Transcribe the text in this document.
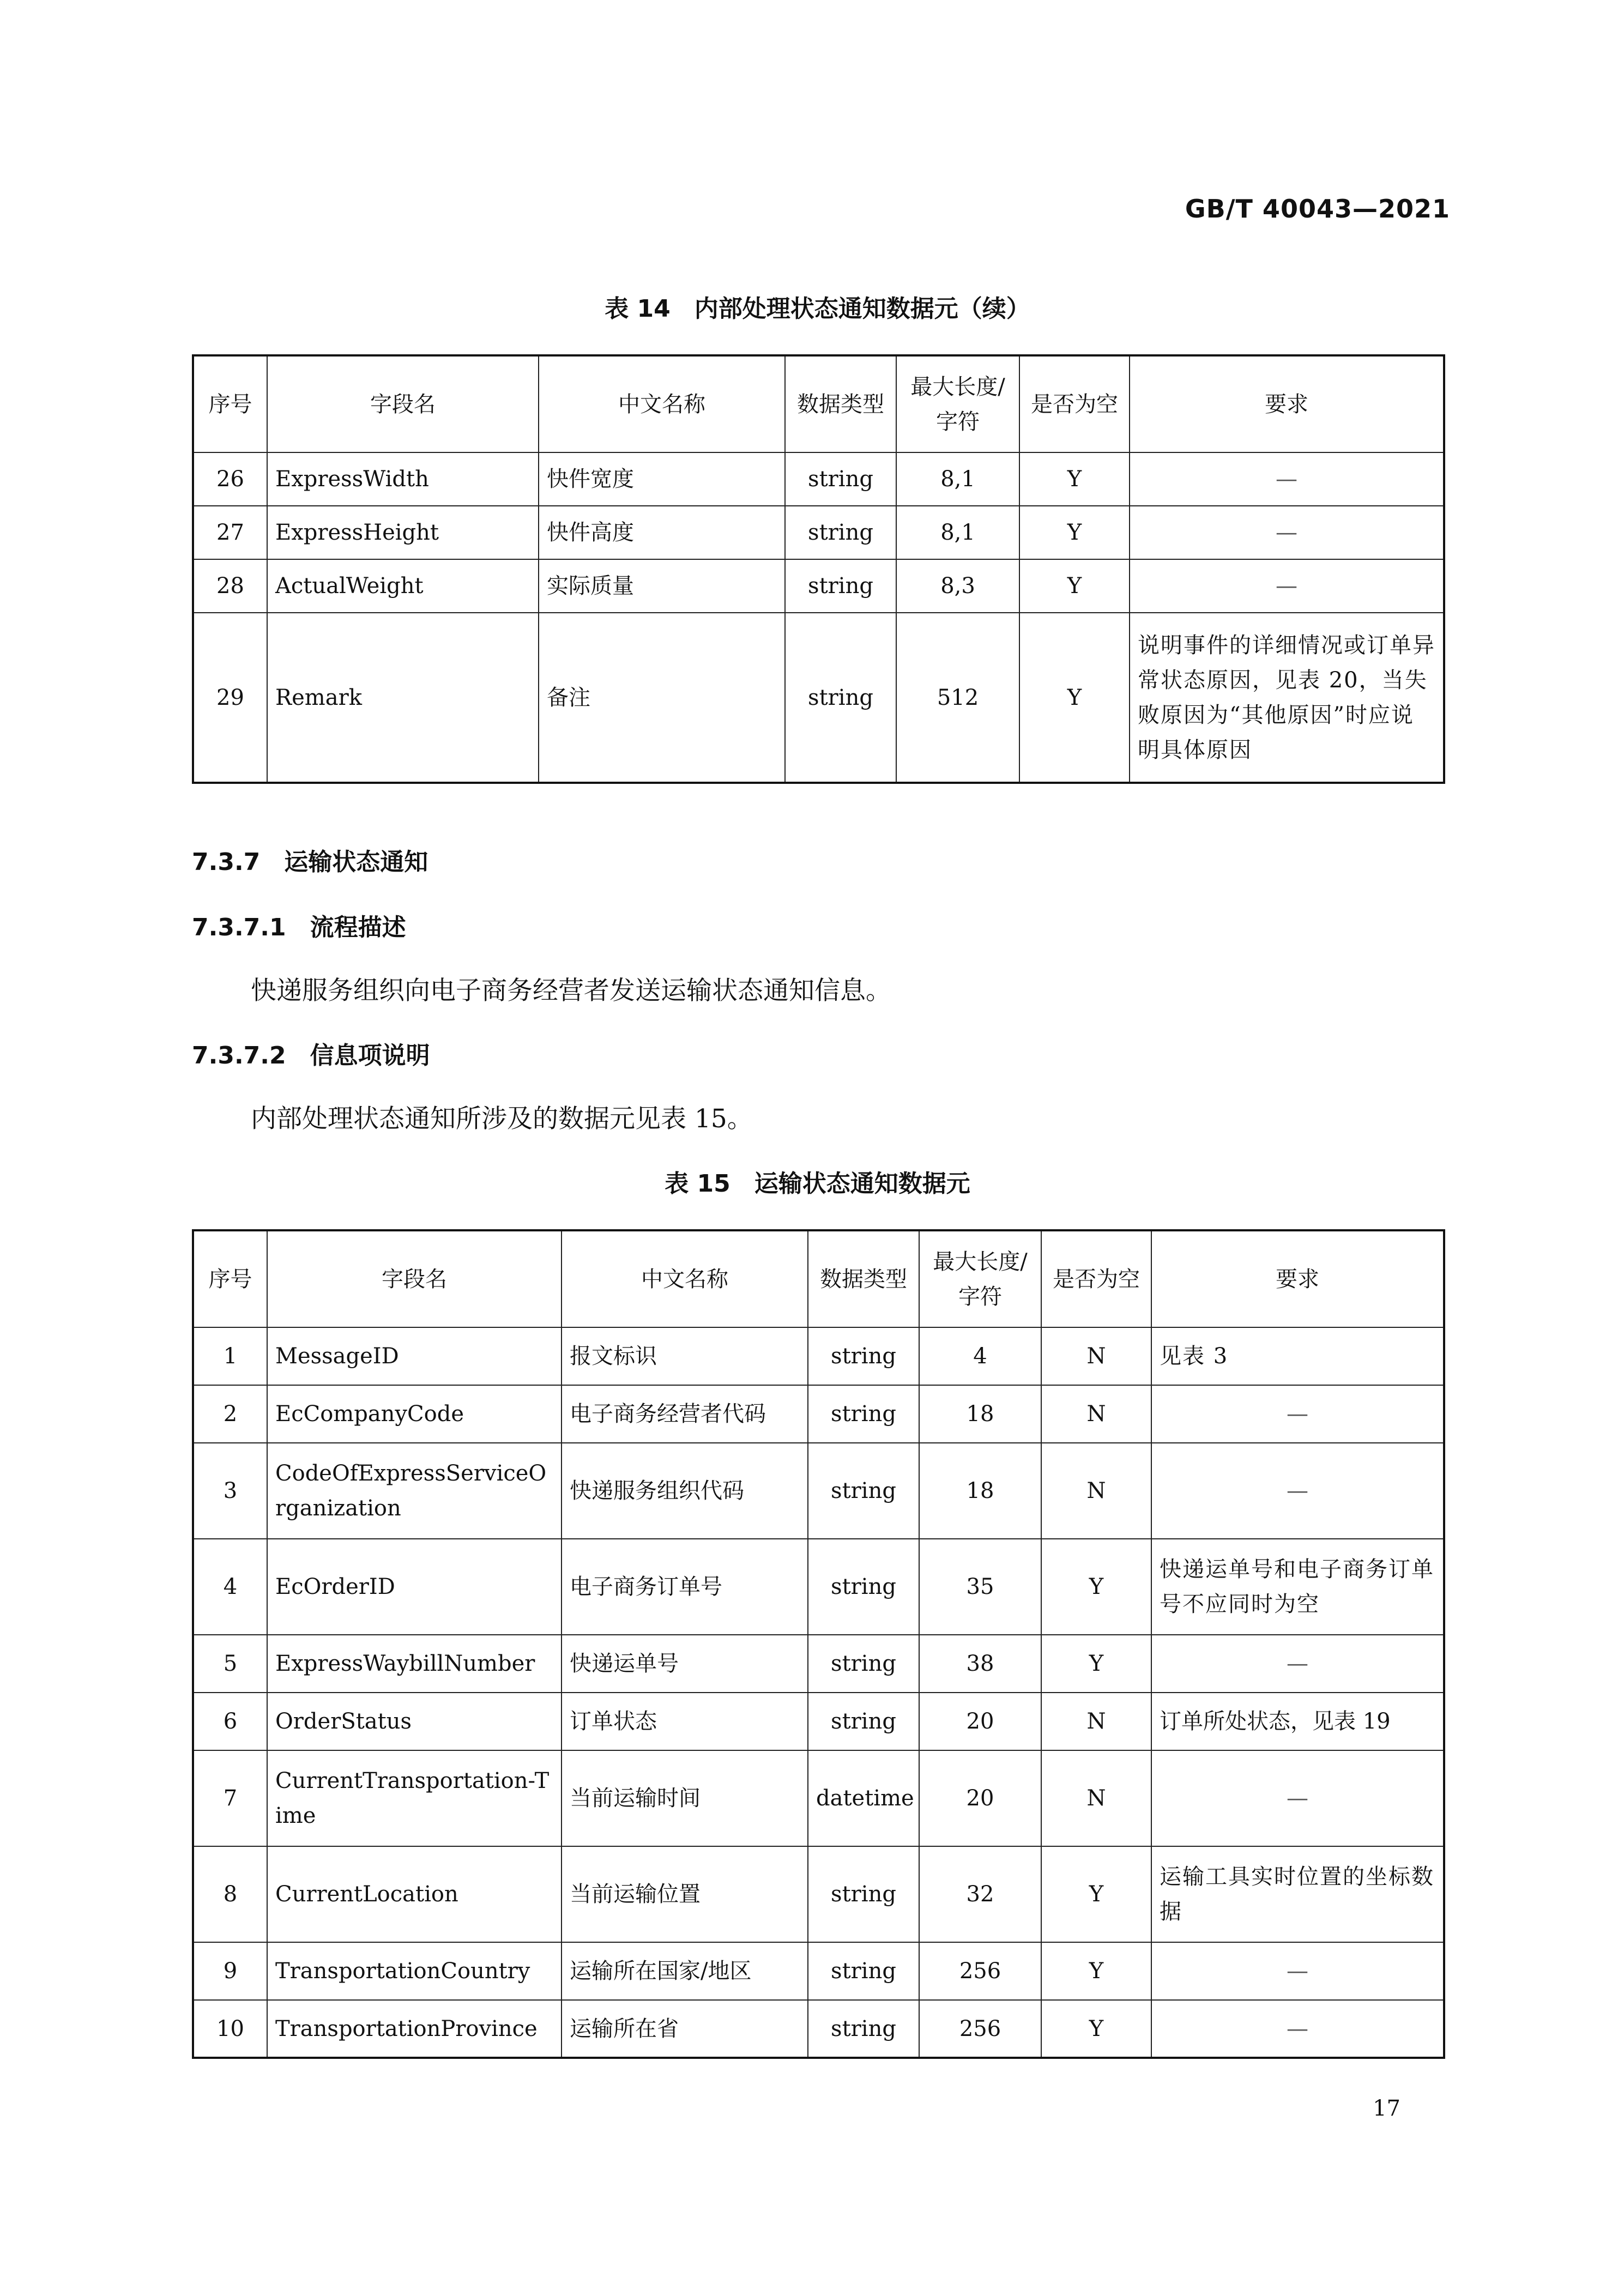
GB/T 40043—2021
表 14　内部处理状态通知数据元（续）
序号	字段名	中文名称	数据类型	最大长度/字符	是否为空	要求
26	ExpressWidth	快件宽度	string	8,1	Y	—
27	ExpressHeight	快件高度	string	8,1	Y	—
28	ActualWeight	实际质量	string	8,3	Y	—
29	Remark	备注	string	512	Y	说明事件的详细情况或订单异常状态原因，见表 20，当失败原因为“其他原因”时应说明具体原因
7.3.7　运输状态通知
7.3.7.1　流程描述
快递服务组织向电子商务经营者发送运输状态通知信息。
7.3.7.2　信息项说明
内部处理状态通知所涉及的数据元见表 15。
表 15　运输状态通知数据元
序号	字段名	中文名称	数据类型	最大长度/字符	是否为空	要求
1	MessageID	报文标识	string	4	N	见表 3
2	EcCompanyCode	电子商务经营者代码	string	18	N	—
3	CodeOfExpressServiceOrganization	快递服务组织代码	string	18	N	—
4	EcOrderID	电子商务订单号	string	35	Y	快递运单号和电子商务订单号不应同时为空
5	ExpressWaybillNumber	快递运单号	string	38	Y	—
6	OrderStatus	订单状态	string	20	N	订单所处状态，见表 19
7	CurrentTransportation-Time	当前运输时间	datetime	20	N	—
8	CurrentLocation	当前运输位置	string	32	Y	运输工具实时位置的坐标数据
9	TransportationCountry	运输所在国家/地区	string	256	Y	—
10	TransportationProvince	运输所在省	string	256	Y	—
17
